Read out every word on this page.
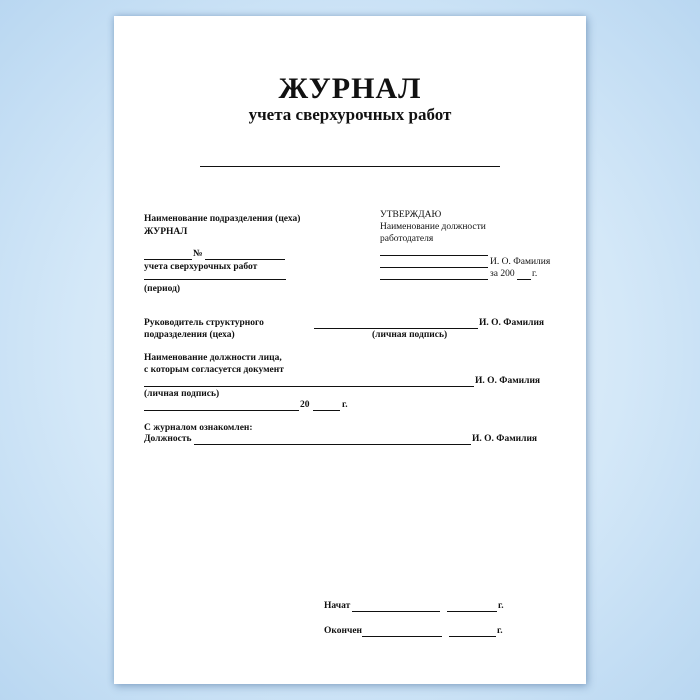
ЖУРНАЛ
учета сверхурочных работ
Наименование подразделения (цеха)
ЖУРНАЛ
№
учета сверхурочных работ
(период)
УТВЕРЖДАЮ
Наименование должности
работодателя
И. О. Фамилия
за 200 г.
Руководитель структурного
подразделения (цеха)
И. О. Фамилия
(личная подпись)
Наименование должности лица,
с которым согласуется документ
И. О. Фамилия
(личная подпись)
20	г.
С журналом ознакомлен:
Должность	И. О. Фамилия
Начат	г.
Окончен	г.
